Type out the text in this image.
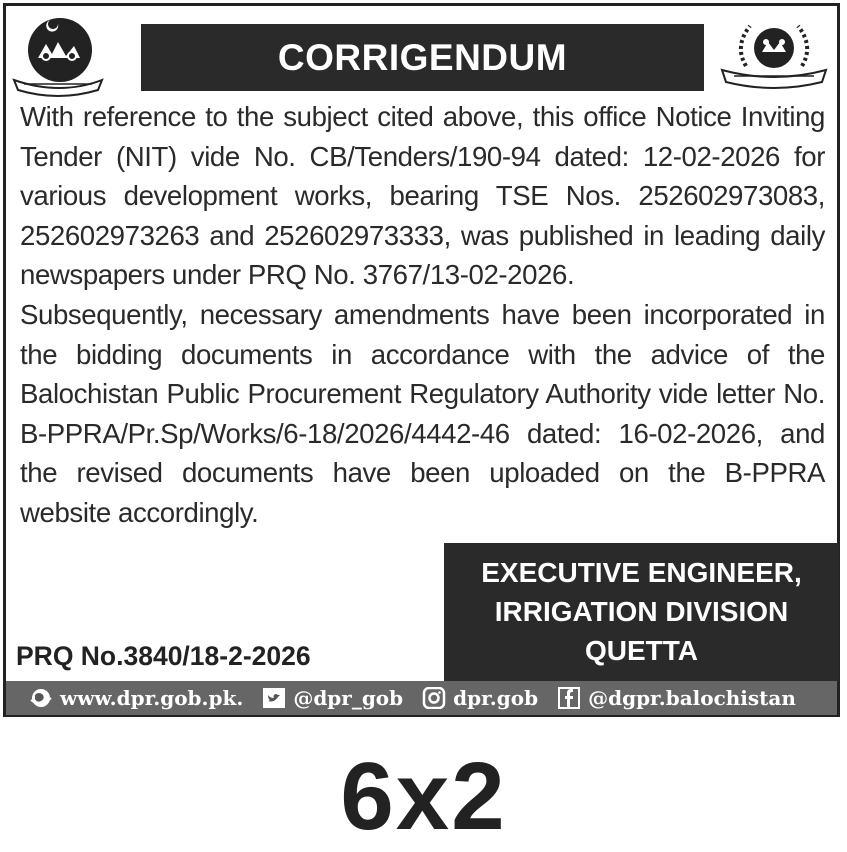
CORRIGENDUM

With reference to the subject cited above, this office Notice Inviting Tender (NIT) vide No. CB/Tenders/190-94 dated: 12-02-2026 for various development works, bearing TSE Nos. 252602973083, 252602973263 and 252602973333, was published in leading daily newspapers under PRQ No. 3767/13-02-2026.

Subsequently, necessary amendments have been incorporated in the bidding documents in accordance with the advice of the Balochistan Public Procurement Regulatory Authority vide letter No. B-PPRA/Pr.Sp/Works/6-18/2026/4442-46 dated: 16-02-2026, and the revised documents have been uploaded on the B-PPRA website accordingly.

EXECUTIVE ENGINEER,
IRRIGATION DIVISION
QUETTA
PRQ No.3840/18-2-2026
www.dpr.gob.pk.	@dpr_gob	dpr.gob	@dgpr.balochistan
6x2
